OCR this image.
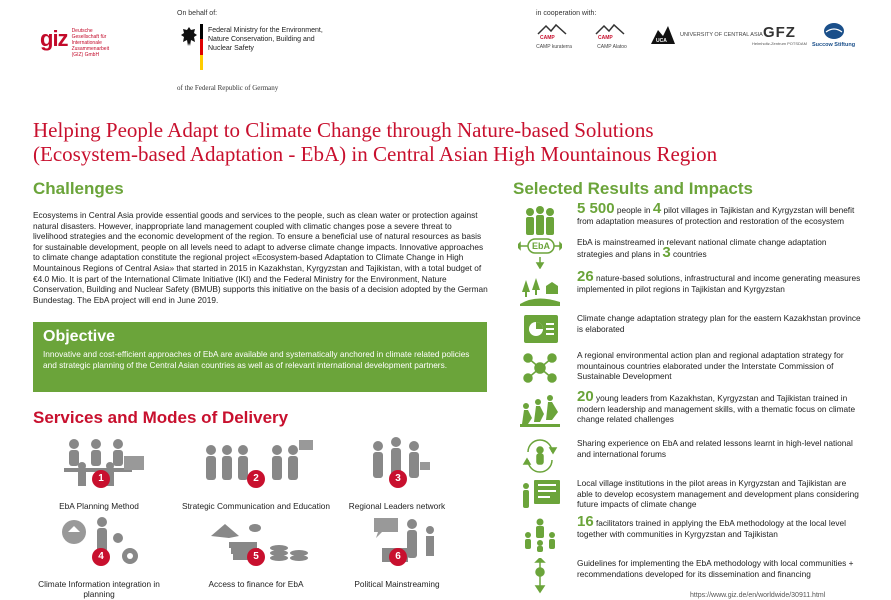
giz Deutsche Gesellschaft für Internationale Zusammenarbeit (GIZ) GmbH
On behalf of:
Federal Ministry for the Environment, Nature Conservation, Building and Nuclear Safety
of the Federal Republic of Germany
in cooperation with:
CAMP
CAMP kuraterra
CAMP
CAMP Alatoo
UCA
UNIVERSITY OF CENTRAL ASIA GFZ
Helmholtz-Zentrum POTSDAM Succow Stiftung
Helping People Adapt to Climate Change through Nature-based Solutions
(Ecosystem-based Adaptation - EbA) in Central Asian High Mountainous Region
Challenges
Ecosystems in Central Asia provide essential goods and services to the people, such as clean water or protection against natural disasters. However, inappropriate land management coupled with climatic changes pose a severe threat to livelihood strategies and the economic development of the region. To ensure a beneficial use of natural resources as basis for sustainable development, people on all levels need to adapt to adverse climate change impacts. Innovative approaches to climate change adaptation constitute the regional project «Ecosystem-based Adaptation to Climate Change in High Mountainous Regions of Central Asia» that started in 2015 in Kazakhstan, Kyrgyzstan and Tajikistan, with a total budget of €4.0 Mio. It is part of the International Climate Initiative (IKI) and the Federal Ministry for the Environment, Nature Conservation, Building and Nuclear Safety (BMUB) supports this initiative on the basis of a decision adopted by the German Bundestag. The EbA project will end in June 2019.
Objective
Innovative and cost-efficient approaches of EbA are available and systematically anchored in climate related policies and strategic planning of the Central Asian countries as well as of relevant international development partners.
Services and Modes of Delivery
1
EbA Planning Method
2
Strategic Communication and Education
3
Regional Leaders network
4
Climate Information integration in planning
5
Access to finance for EbA
6
Political Mainstreaming
Selected Results and Impacts
5 500 people in 4 pilot villages in Tajikistan and Kyrgyzstan will benefit from adaptation measures of protection and restoration of the ecosystem
EbA	EbA is mainstreamed in relevant national climate change adaptation strategies and plans in 3 countries
26 nature-based solutions, infrastructural and income generating measures implemented in pilot regions in Tajikistan and Kyrgyzstan
Climate change adaptation strategy plan for the eastern Kazakhstan province is elaborated
A regional environmental action plan and regional adaptation strategy for mountainous countries elaborated under the Interstate Commission of Sustainable Development
20 young leaders from Kazakhstan, Kyrgyzstan and Tajikistan trained in modern leadership and management skills, with a thematic focus on climate change related challenges
Sharing experience on EbA and related lessons learnt in high-level national and international forums
Local village institutions in the pilot areas in Kyrgyzstan and Tajikistan are able to develop ecosystem management and development plans considering future impacts of climate change
16 facilitators trained in applying the EbA methodology at the local level together with communities in Kyrgyzstan and Tajikistan
Guidelines for implementing the EbA methodology with local communities + recommendations developed for its dissemination and financing
https://www.giz.de/en/worldwide/30911.html
